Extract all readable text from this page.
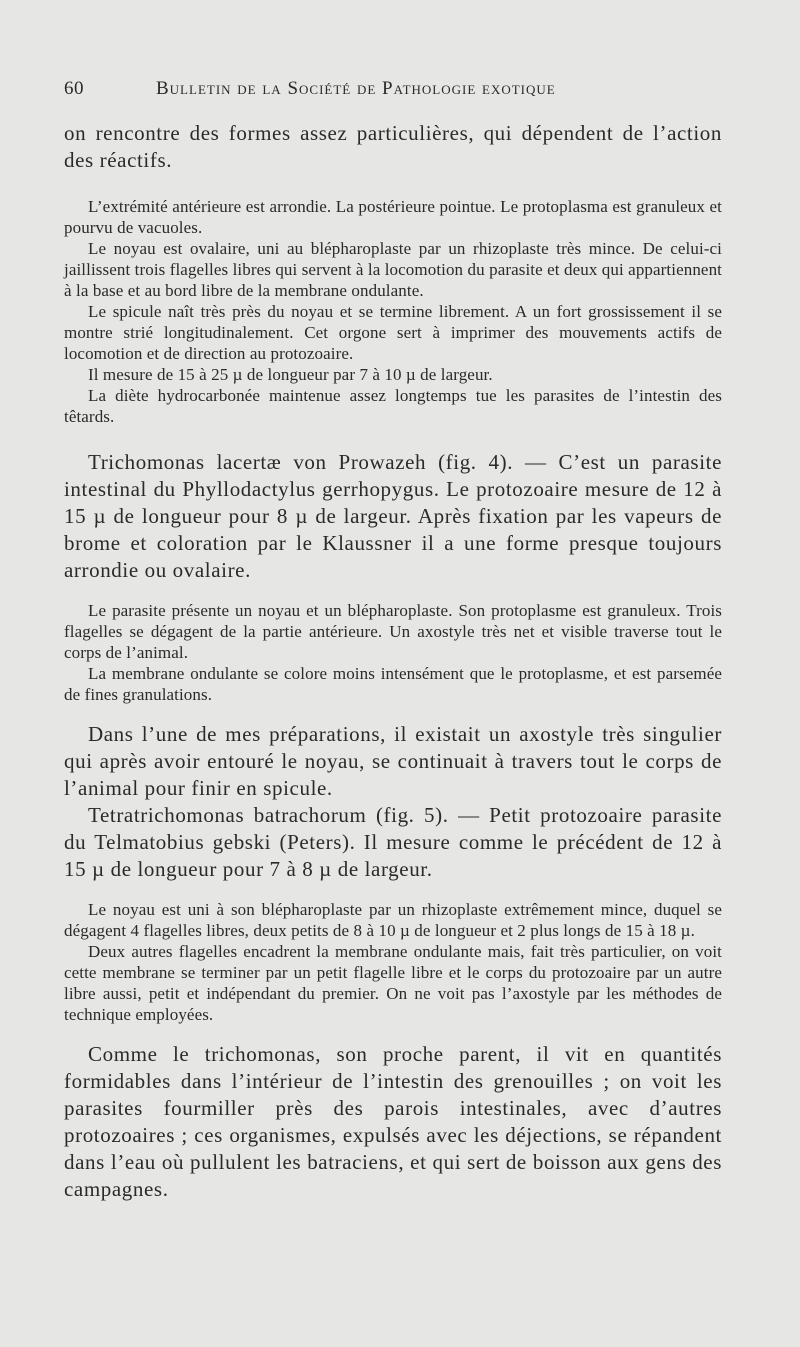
60	Bulletin de la Société de Pathologie exotique

on rencontre des formes assez particulières, qui dépendent de l’action des réactifs.

L’extrémité antérieure est arrondie. La postérieure pointue. Le protoplasma est granuleux et pourvu de vacuoles.

Le noyau est ovalaire, uni au blépharoplaste par un rhizoplaste très mince. De celui-ci jaillissent trois flagelles libres qui servent à la locomotion du parasite et deux qui appartiennent à la base et au bord libre de la membrane ondulante.

Le spicule naît très près du noyau et se termine librement. A un fort grossissement il se montre strié longitudinalement. Cet orgone sert à imprimer des mouvements actifs de locomotion et de direction au protozoaire.

Il mesure de 15 à 25 µ de longueur par 7 à 10 µ de largeur.

La diète hydrocarbonée maintenue assez longtemps tue les parasites de l’intestin des têtards.

Trichomonas lacertæ von Prowazeh (fig. 4). — C’est un parasite intestinal du Phyllodactylus gerrhopygus. Le protozoaire mesure de 12 à 15 µ de longueur pour 8 µ de largeur. Après fixation par les vapeurs de brome et coloration par le Klaussner il a une forme presque toujours arrondie ou ovalaire.

Le parasite présente un noyau et un blépharoplaste. Son protoplasme est granuleux. Trois flagelles se dégagent de la partie antérieure. Un axostyle très net et visible traverse tout le corps de l’animal.

La membrane ondulante se colore moins intensément que le protoplasme, et est parsemée de fines granulations.

Dans l’une de mes préparations, il existait un axostyle très singulier qui après avoir entouré le noyau, se continuait à travers tout le corps de l’animal pour finir en spicule.

Tetratrichomonas batrachorum (fig. 5). — Petit protozoaire parasite du Telmatobius gebski (Peters). Il mesure comme le précédent de 12 à 15 µ de longueur pour 7 à 8 µ de largeur.

Le noyau est uni à son blépharoplaste par un rhizoplaste extrêmement mince, duquel se dégagent 4 flagelles libres, deux petits de 8 à 10 µ de longueur et 2 plus longs de 15 à 18 µ.

Deux autres flagelles encadrent la membrane ondulante mais, fait très particulier, on voit cette membrane se terminer par un petit flagelle libre et le corps du protozoaire par un autre libre aussi, petit et indépendant du premier. On ne voit pas l’axostyle par les méthodes de technique employées.

Comme le trichomonas, son proche parent, il vit en quantités formidables dans l’intérieur de l’intestin des grenouilles ; on voit les parasites fourmiller près des parois intestinales, avec d’autres protozoaires ; ces organismes, expulsés avec les déjections, se répandent dans l’eau où pullulent les batraciens, et qui sert de boisson aux gens des campagnes.
